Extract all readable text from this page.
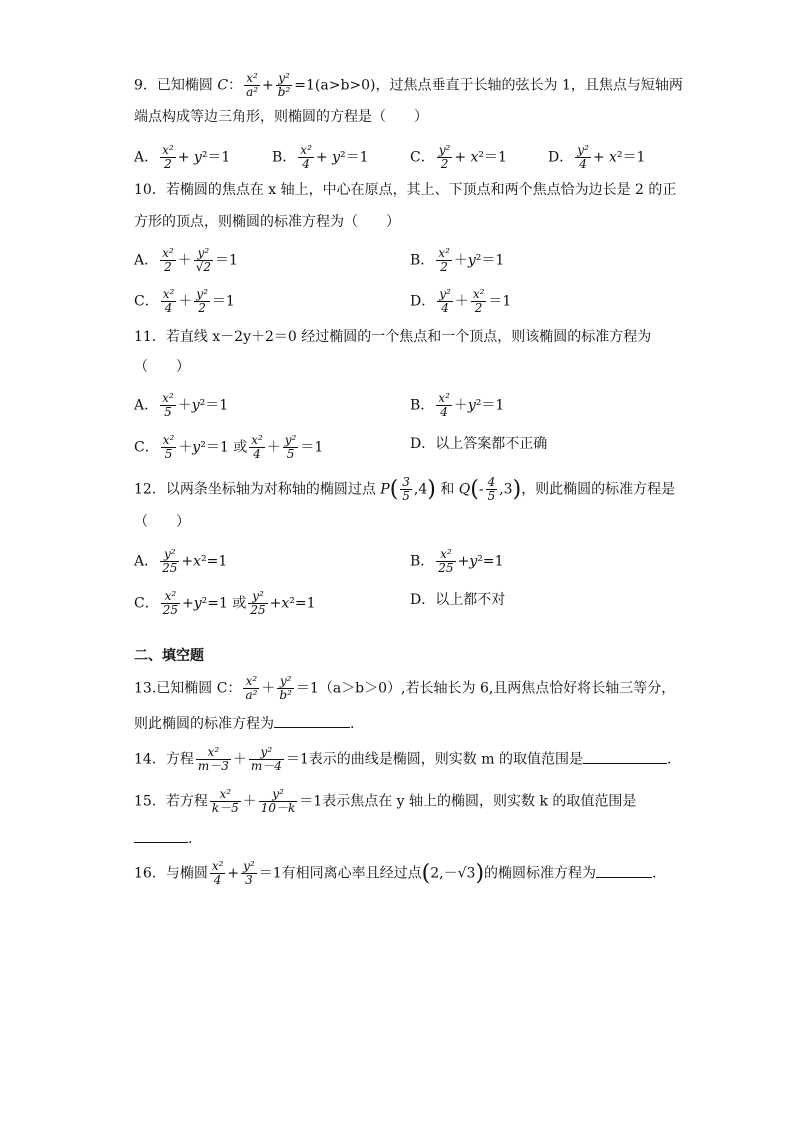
9．已知椭圆 C： $\frac{\text{x²}}{\text{a²}} + \frac{\text{y²}}{\text{b²}} =1(a>b>0)$，过焦点垂直于长轴的弦长为 1，且焦点与短轴两
端点构成等边三角形，则椭圆的方程是（　　）
A． $\frac{\text{x²}}{2} + y^2=1$	B． $\frac{\text{x²}}{4} + y^2=1$	C． $\frac{\text{y²}}{2} + x^2=1$	D． $\frac{\text{y²}}{4} + x^2=1$
10．若椭圆的焦点在 x 轴上，中心在原点，其上、下顶点和两个焦点恰为边长是 2 的正
方形的顶点，则椭圆的标准方程为（　　）
A． $\frac{\text{x²}}{2} + \frac{\text{y²}}{√2} =1$	B． $\frac{\text{x²}}{2} +y^2=1$
C． $\frac{\text{x²}}{4} + \frac{\text{y²}}{2} =1$	D． $\frac{\text{y²}}{4} + \frac{\text{x²}}{2} =1$
11．若直线 x－2y＋2＝0 经过椭圆的一个焦点和一个顶点，则该椭圆的标准方程为
（　　）
A． $\frac{\text{x²}}{5} +y^2=1$	B． $\frac{\text{x²}}{4} +y^2=1$
C． $\frac{\text{x²}}{5} +y^2=1$ 或 $\frac{\text{x²}}{4} + \frac{\text{y²}}{5} =1$	D．以上答案都不正确
12．以两条坐标轴为对称轴的椭圆过点 $P( \frac{3}{5} ,4)$ 和 $Q(- \frac{4}{5} ,3)$，则此椭圆的标准方程是
（　　）
A． $\frac{\text{y²}}{25} +x^2=1$	B． $\frac{\text{x²}}{25} +y^2=1$
C． $\frac{\text{x²}}{25} +y^2=1$ 或 $\frac{\text{y²}}{25} +x^2=1$	D．以上都不对
二、填空题
13.已知椭圆 C： $\frac{\text{x²}}{\text{a²}} + \frac{\text{y²}}{\text{b²}} =1(a>b>0)$,若长轴长为 6,且两焦点恰好将长轴三等分，
则此椭圆的标准方程为	.
14．方程 $\frac{\text{x²}}{m-3} + \frac{\text{y²}}{m-4} =1$表示的曲线是椭圆，则实数 m 的取值范围是	.
15．若方程 $\frac{\text{x²}}{k-5} + \frac{\text{y²}}{10-k} =1$表示焦点在 y 轴上的椭圆，则实数 k 的取值范围是
.
16．与椭圆 $\frac{\text{x²}}{4} + \frac{\text{y²}}{3} =1$有相同离心率且经过点(2,－√3)的椭圆标准方程为	.
